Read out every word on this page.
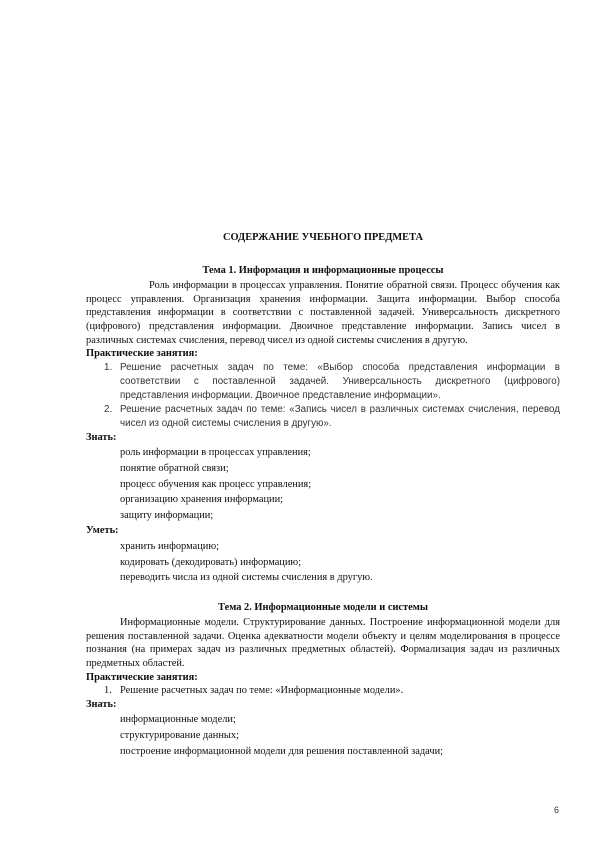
СОДЕРЖАНИЕ УЧЕБНОГО ПРЕДМЕТА

Тема 1. Информация и информационные процессы

Роль информации в процессах управления. Понятие обратной связи. Процесс обучения как процесс управления. Организация хранения информации. Защита информации. Выбор способа представления информации в соответствии с поставленной задачей. Универсальность дискретного (цифрового) представления информации. Двоичное представление информации. Запись чисел в различных системах счисления, перевод чисел из одной системы счисления в другую.

Практические занятия:

1. Решение расчетных задач по теме: «Выбор способа представления информации в соответствии с поставленной задачей. Универсальность дискретного (цифрового) представления информации. Двоичное представление информации».
2. Решение расчетных задач по теме: «Запись чисел в различных системах счисления, перевод чисел из одной системы счисления в другую».

Знать:

роль информации в процессах управления;
понятие обратной связи;
процесс обучения как процесс управления;
организацию хранения информации;
защиту информации;

Уметь:

хранить информацию;
кодировать (декодировать) информацию;
переводить числа из одной системы счисления в другую.

Тема 2. Информационные модели и системы

Информационные модели. Структурирование данных. Построение информационной модели для решения поставленной задачи. Оценка адекватности модели объекту и целям моделирования в процессе познания (на примерах задач из различных предметных областей). Формализация задач из различных предметных областей.

Практические занятия:

1. Решение расчетных задач по теме: «Информационные модели».

Знать:

информационные модели;
структурирование данных;
построение информационной модели для решения поставленной задачи;
6
